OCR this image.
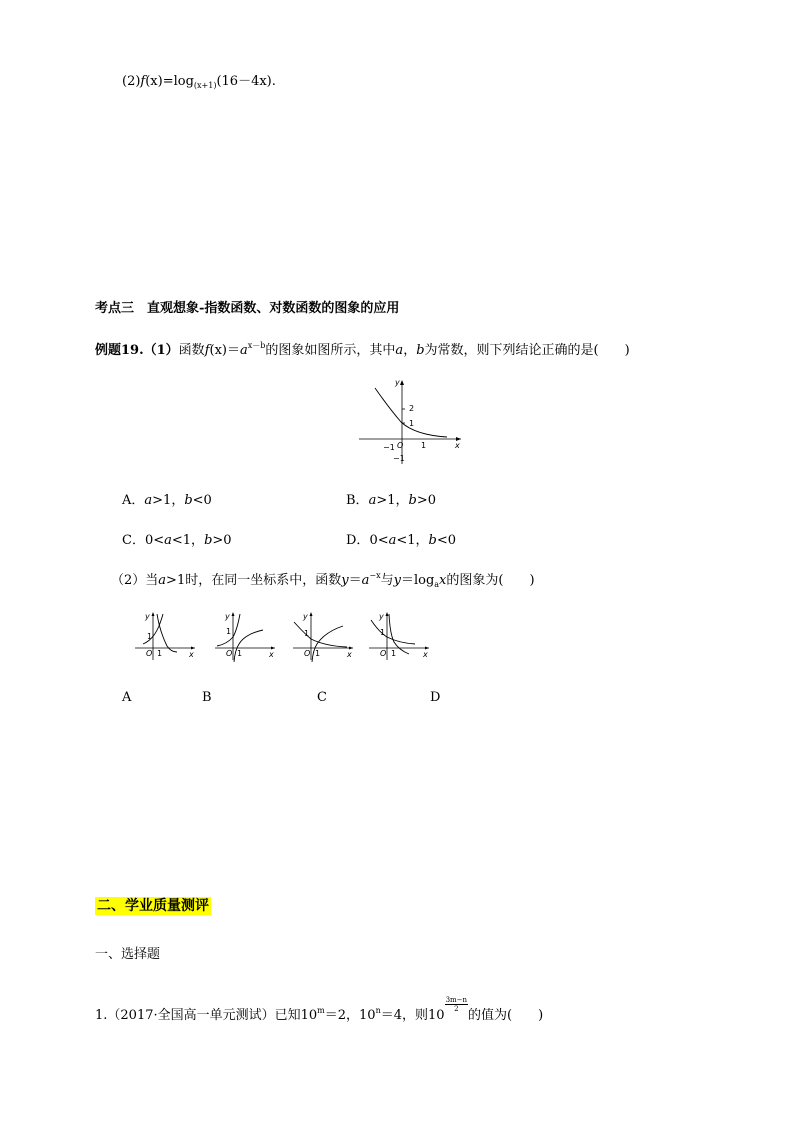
$(2)f(x)=\log_{(x+1)}(16-4x)$.
考点三　直观想象-指数函数、对数函数的图象的应用
例题19.（1）函数$f(x)=a^{x-b}$的图象如图所示，其中a，b为常数，则下列结论正确的是(　　)
y
x
2
1
−1 O 1
−1
A．a>1，b<0	B．a>1，b>0
C．0<a<1，b>0	D．0<a<1，b<0
（2）当a>1时，在同一坐标系中，函数$y=a^{-x}$与$y=\log_ax$的图象为(　　)
y
1
O 1	x
y
1
O 1	x
y
1
O 1	x
y
1
O 1	x
A	B	C	D
二、学业质量测评
一、选择题
1.（2017·全国高一单元测试）已知$10^m=2$，$10^n=4$，则10
$\frac{3m-n}{2}$
的值为(　　)
